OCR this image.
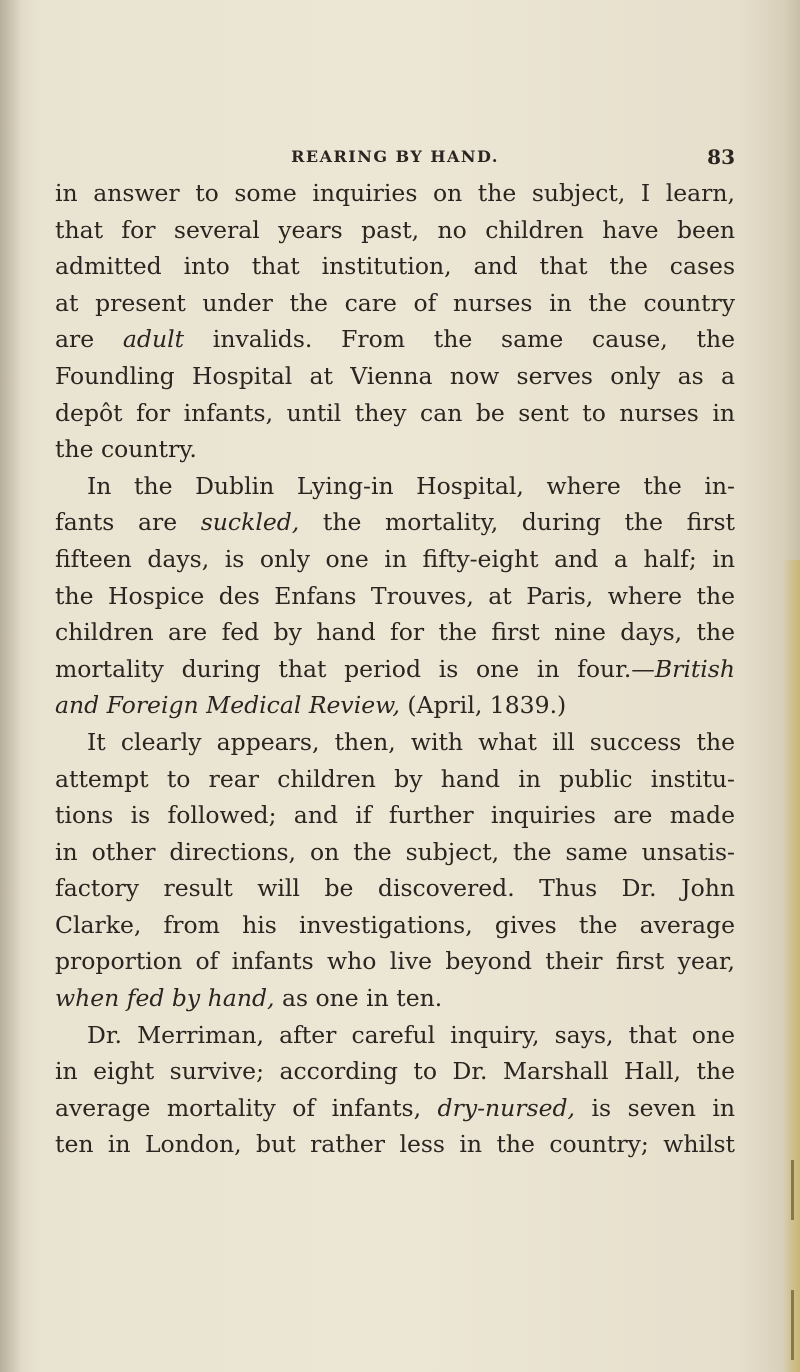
REARING BY HAND.	83
in answer to some inquiries on the subject, I learn,
that for several years past, no children have been
admitted into that institution, and that the cases
at present under the care of nurses in the country
are adult invalids. From the same cause, the
Foundling Hospital at Vienna now serves only as a
depôt for infants, until they can be sent to nurses in
the country.
In the Dublin Lying-in Hospital, where the in-
fants are suckled, the mortality, during the first
fifteen days, is only one in fifty-eight and a half; in
the Hospice des Enfans Trouves, at Paris, where the
children are fed by hand for the first nine days, the
mortality during that period is one in four.—British
and Foreign Medical Review, (April, 1839.)
It clearly appears, then, with what ill success the
attempt to rear children by hand in public institu-
tions is followed; and if further inquiries are made
in other directions, on the subject, the same unsatis-
factory result will be discovered. Thus Dr. John
Clarke, from his investigations, gives the average
proportion of infants who live beyond their first year,
when fed by hand, as one in ten.
Dr. Merriman, after careful inquiry, says, that one
in eight survive; according to Dr. Marshall Hall, the
average mortality of infants, dry-nursed, is seven in
ten in London, but rather less in the country; whilst
